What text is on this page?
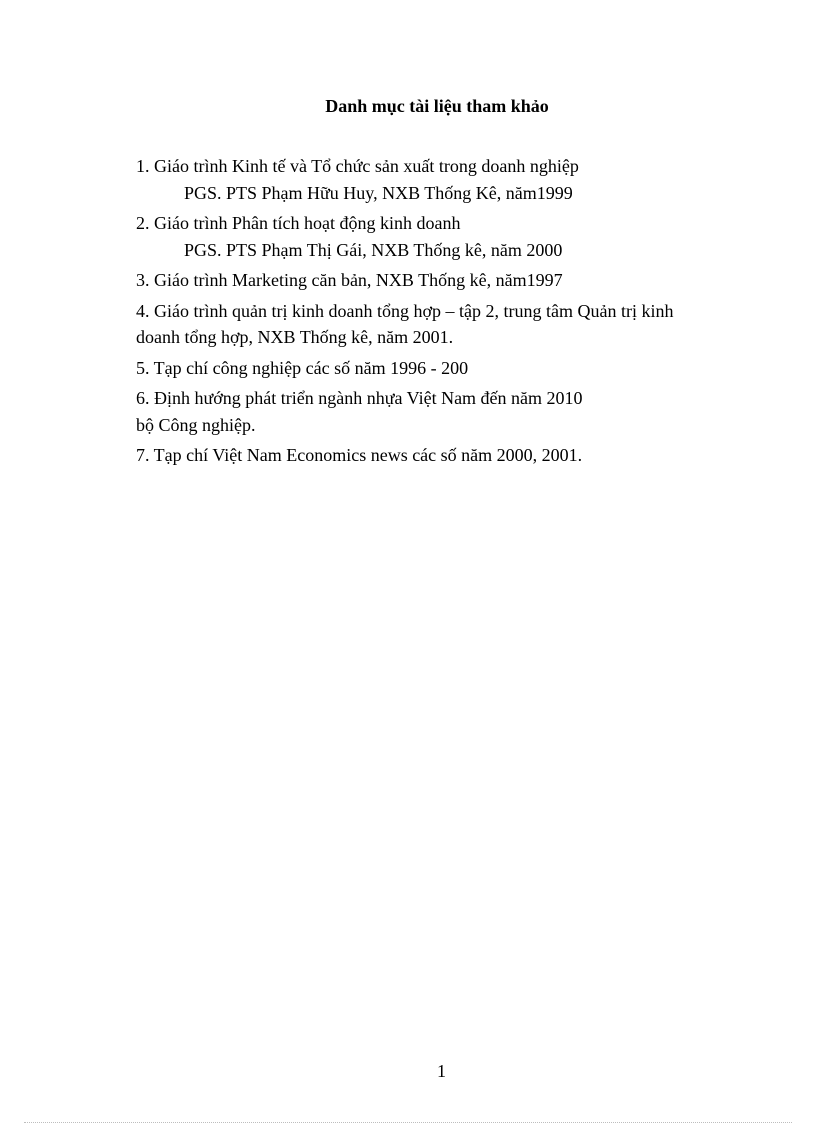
Danh mục tài liệu tham khảo
1. Giáo trình Kinh tế và Tổ chức sản xuất trong doanh nghiệp
PGS. PTS Phạm Hữu Huy, NXB Thống Kê, năm1999
2. Giáo trình Phân tích hoạt động kinh doanh
PGS. PTS Phạm Thị Gái, NXB Thống kê, năm 2000
3. Giáo trình Marketing căn bản, NXB Thống kê, năm1997
4. Giáo trình quản trị kinh doanh tổng hợp – tập 2, trung tâm Quản trị kinh
doanh tổng hợp, NXB Thống kê, năm 2001.
5. Tạp chí công nghiệp các số năm 1996 - 200
6. Định hướng phát triển ngành nhựa Việt Nam đến năm 2010
bộ Công nghiệp.
7. Tạp chí Việt Nam Economics news các số năm 2000, 2001.
1
